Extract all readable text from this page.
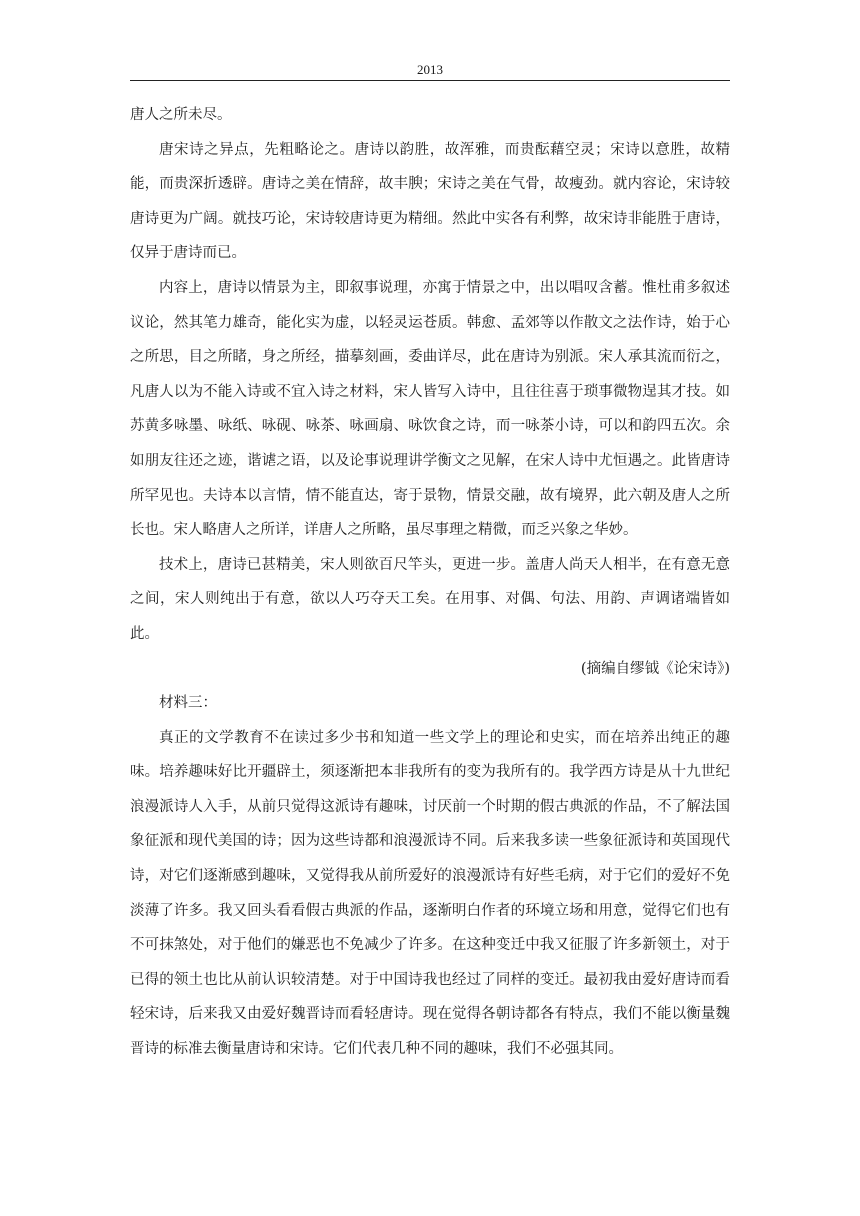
2013

唐人之所未尽。

唐宋诗之异点，先粗略论之。唐诗以韵胜，故浑雅，而贵酝藉空灵；宋诗以意胜，故精能，而贵深折透辟。唐诗之美在情辞，故丰腴；宋诗之美在气骨，故瘦劲。就内容论，宋诗较唐诗更为广阔。就技巧论，宋诗较唐诗更为精细。然此中实各有利弊，故宋诗非能胜于唐诗，仅异于唐诗而已。

内容上，唐诗以情景为主，即叙事说理，亦寓于情景之中，出以唱叹含蓄。惟杜甫多叙述议论，然其笔力雄奇，能化实为虚，以轻灵运苍质。韩愈、孟郊等以作散文之法作诗，始于心之所思，目之所睹，身之所经，描摹刻画，委曲详尽，此在唐诗为别派。宋人承其流而衍之，凡唐人以为不能入诗或不宜入诗之材料，宋人皆写入诗中，且往往喜于琐事微物逞其才技。如苏黄多咏墨、咏纸、咏砚、咏茶、咏画扇、咏饮食之诗，而一咏茶小诗，可以和韵四五次。余如朋友往还之迹，谐谑之语，以及论事说理讲学衡文之见解，在宋人诗中尤恒遇之。此皆唐诗所罕见也。夫诗本以言情，情不能直达，寄于景物，情景交融，故有境界，此六朝及唐人之所长也。宋人略唐人之所详，详唐人之所略，虽尽事理之精微，而乏兴象之华妙。

技术上，唐诗已甚精美，宋人则欲百尺竿头，更进一步。盖唐人尚天人相半，在有意无意之间，宋人则纯出于有意，欲以人巧夺天工矣。在用事、对偶、句法、用韵、声调诸端皆如此。

(摘编自缪钺《论宋诗》)

材料三：

真正的文学教育不在读过多少书和知道一些文学上的理论和史实，而在培养出纯正的趣味。培养趣味好比开疆辟土，须逐渐把本非我所有的变为我所有的。我学西方诗是从十九世纪浪漫派诗人入手，从前只觉得这派诗有趣味，讨厌前一个时期的假古典派的作品，不了解法国象征派和现代美国的诗；因为这些诗都和浪漫派诗不同。后来我多读一些象征派诗和英国现代诗，对它们逐渐感到趣味，又觉得我从前所爱好的浪漫派诗有好些毛病，对于它们的爱好不免淡薄了许多。我又回头看看假古典派的作品，逐渐明白作者的环境立场和用意，觉得它们也有不可抹煞处，对于他们的嫌恶也不免减少了许多。在这种变迁中我又征服了许多新领土，对于已得的领土也比从前认识较清楚。对于中国诗我也经过了同样的变迁。最初我由爱好唐诗而看轻宋诗，后来我又由爱好魏晋诗而看轻唐诗。现在觉得各朝诗都各有特点，我们不能以衡量魏晋诗的标准去衡量唐诗和宋诗。它们代表几种不同的趣味，我们不必强其同。
